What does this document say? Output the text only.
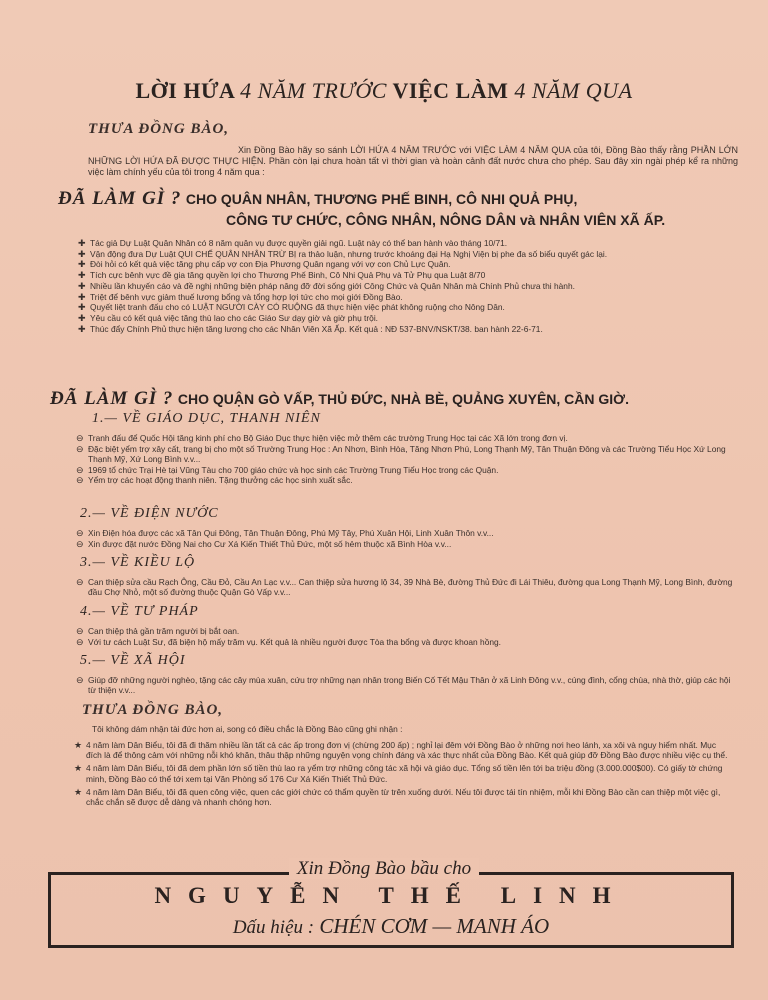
LỜI HỨA 4 NĂM TRƯỚC VIỆC LÀM 4 NĂM QUA
THƯA ĐỒNG BÀO,

Xin Đồng Bào hãy so sánh LỜI HỨA 4 NĂM TRƯỚC với VIỆC LÀM 4 NĂM QUA của tôi, Đồng Bào thấy rằng PHẦN LỚN NHỮNG LỜI HỨA ĐÃ ĐƯỢC THỰC HIỆN. Phần còn lại chưa hoàn tất vì thời gian và hoàn cảnh đất nước chưa cho phép. Sau đây xin ngài phép kể ra những việc làm chính yếu của tôi trong 4 năm qua :

ĐÃ LÀM GÌ ? CHO QUÂN NHÂN, THƯƠNG PHẾ BINH, CÔ NHI QUẢ PHỤ,
CÔNG TƯ CHỨC, CÔNG NHÂN, NÔNG DÂN và NHÂN VIÊN XÃ ẤP.
✚ Tác giả Dự Luật Quân Nhân có 8 năm quân vụ được quyền giải ngũ. Luật này có thể ban hành vào tháng 10/71.
✚ Vận động đưa Dự Luật QUI CHẾ QUÂN NHÂN TRỪ BỊ ra thảo luận, nhưng trước khoáng đại Hạ Nghị Viện bị phe đa số biểu quyết gác lại.
✚ Đòi hỏi có kết quả việc tăng phụ cấp vợ con Địa Phương Quân ngang với vợ con Chủ Lực Quân.
✚ Tích cực bênh vực đề gia tăng quyền lợi cho Thương Phế Binh, Cô Nhi Quả Phụ và Tử Phụ qua Luật 8/70
✚ Nhiều lần khuyến cáo và đề nghị những biện pháp nâng đỡ đời sống giới Công Chức và Quân Nhân mà Chính Phủ chưa thi hành.
✚ Triệt để bênh vực giảm thuế lương bổng và tổng hợp lợi tức cho mọi giới Đồng Bào.
✚ Quyết liệt tranh đấu cho có LUẬT NGƯỜI CÀY CÓ RUỘNG đã thực hiện việc phát không ruộng cho Nông Dân.
✚ Yêu cầu có kết quả việc tăng thù lao cho các Giáo Sư dạy giờ và giờ phụ trội.
✚ Thúc đẩy Chính Phủ thực hiện tăng lương cho các Nhân Viên Xã Ấp. Kết quả : NĐ 537-BNV/NSKT/38. ban hành 22-6-71.
ĐÃ LÀM GÌ ? CHO QUẬN GÒ VẤP, THỦ ĐỨC, NHÀ BÈ, QUẢNG XUYÊN, CẦN GIỜ.
1.— VỀ GIÁO DỤC, THANH NIÊN
⊖ Tranh đấu để Quốc Hội tăng kinh phí cho Bộ Giáo Dục thực hiện việc mở thêm các trường Trung Học tại các Xã lớn trong đơn vị.
⊖ Đặc biệt yểm trợ xây cất, trang bị cho một số Trường Trung Học : An Nhơn, Bình Hòa, Tăng Nhơn Phú, Long Thạnh Mỹ, Tân Thuận Đông và các Trường Tiểu Học Xứ Long Thạnh Mỹ, Xứ Long Bình v.v...
⊖ 1969 tổ chức Trại Hè tại Vũng Tàu cho 700 giáo chức và học sinh các Trường Trung Tiểu Học trong các Quận.
⊖ Yểm trợ các hoạt động thanh niên. Tặng thưởng các học sinh xuất sắc.
2.— VỀ ĐIỆN NƯỚC
⊖ Xin Điện hóa được các xã Tân Qui Đông, Tân Thuận Đông, Phú Mỹ Tây, Phú Xuân Hội, Linh Xuân Thôn v.v...
⊖ Xin được đặt nước Đồng Nai cho Cư Xá Kiến Thiết Thủ Đức, một số hẻm thuộc xã Bình Hòa v.v...
3.— VỀ KIỀU LỘ
⊖ Can thiệp sửa cầu Rạch Ông, Cầu Đỏ, Cầu An Lạc v.v... Can thiệp sửa hương lộ 34, 39 Nhà Bè, đường Thủ Đức đi Lái Thiêu, đường qua Long Thạnh Mỹ, Long Bình, đường đầu Chợ Nhỏ, một số đường thuộc Quận Gò Vấp v.v...
4.— VỀ TƯ PHÁP
⊖ Can thiệp thả gần trăm người bị bắt oan.
⊖ Với tư cách Luật Sư, đã biện hộ mấy trăm vụ. Kết quả là nhiều người được Tòa tha bổng và được khoan hồng.
5.— VỀ XÃ HỘI
⊖ Giúp đỡ những người nghèo, tặng các cây mùa xuân, cứu trợ những nạn nhân trong Biến Cố Tết Mậu Thân ở xã Linh Đông v.v., cúng đình, cổng chùa, nhà thờ, giúp các hội từ thiện v.v...
THƯA ĐỒNG BÀO,

Tôi không dám nhận tài đức hơn ai, song có điều chắc là Đồng Bào cũng ghi nhận :

★ 4 năm làm Dân Biểu, tôi đã đi thăm nhiều lần tất cả các ấp trong đơn vị (chừng 200 ấp) ; nghỉ lại đêm với Đồng Bào ở những nơi heo lánh, xa xôi và nguy hiểm nhất. Mục đích là để thông cảm với những nỗi khó khăn, thâu thập những nguyện vọng chính đáng và xác thực nhất của Đồng Bào. Kết quả giúp đỡ Đồng Bào được nhiều việc cụ thể.
★ 4 năm làm Dân Biểu, tôi đã dem phần lớn số tiền thù lao ra yểm trợ những công tác xã hội và giáo dục. Tổng số tiền lên tới ba triệu đồng (3.000.000$00). Có giấy tờ chứng minh, Đồng Bào có thể tới xem tại Văn Phòng số 176 Cư Xá Kiến Thiết Thủ Đức.
★ 4 năm làm Dân Biểu, tôi đã quen công việc, quen các giới chức có thẩm quyền từ trên xuống dưới. Nếu tôi được tái tín nhiệm, mỗi khi Đồng Bào cần can thiệp một việc gì, chắc chắn sẽ được dễ dàng và nhanh chóng hơn.
Xin Đồng Bào bầu cho
NGUYỄN THẾ LINH
Dấu hiệu : CHÉN CƠM — MANH ÁO
